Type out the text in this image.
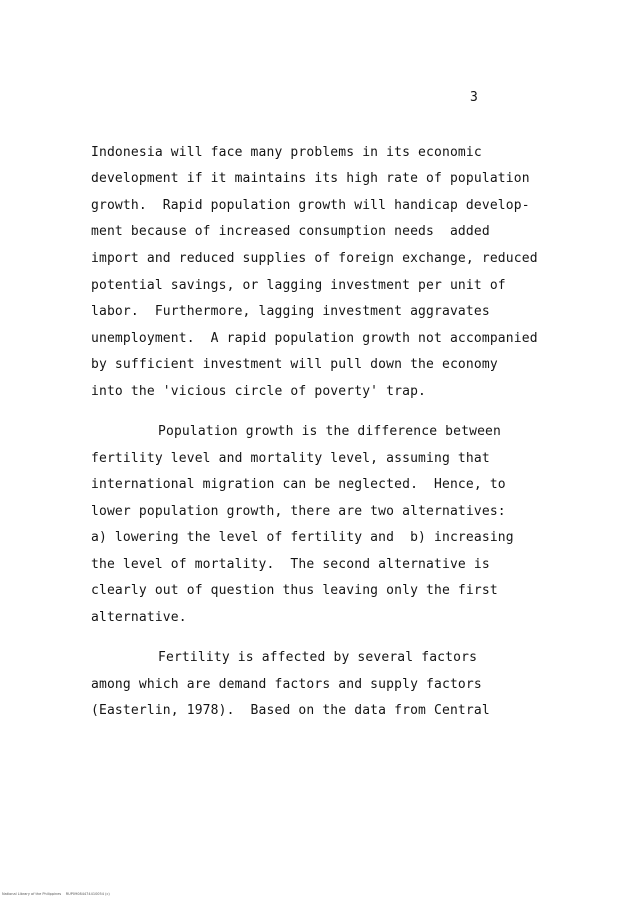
3
Indonesia will face many problems in its economic
development if it maintains its high rate of population
growth.  Rapid population growth will handicap develop-
ment because of increased consumption needs  added
import and reduced supplies of foreign exchange, reduced
potential savings, or lagging investment per unit of
labor.  Furthermore, lagging investment aggravates
unemployment.  A rapid population growth not accompanied
by sufficient investment will pull down the economy
into the 'vicious circle of poverty' trap.
Population growth is the difference between
fertility level and mortality level, assuming that
international migration can be neglected.  Hence, to
lower population growth, there are two alternatives:
a) lowering the level of fertility and  b) increasing
the level of mortality.  The second alternative is
clearly out of question thus leaving only the first
alternative.
Fertility is affected by several factors
among which are demand factors and supply factors
(Easterlin, 1978).  Based on the data from Central
National Library of the Philippines    RUP09084474410054 (c)
